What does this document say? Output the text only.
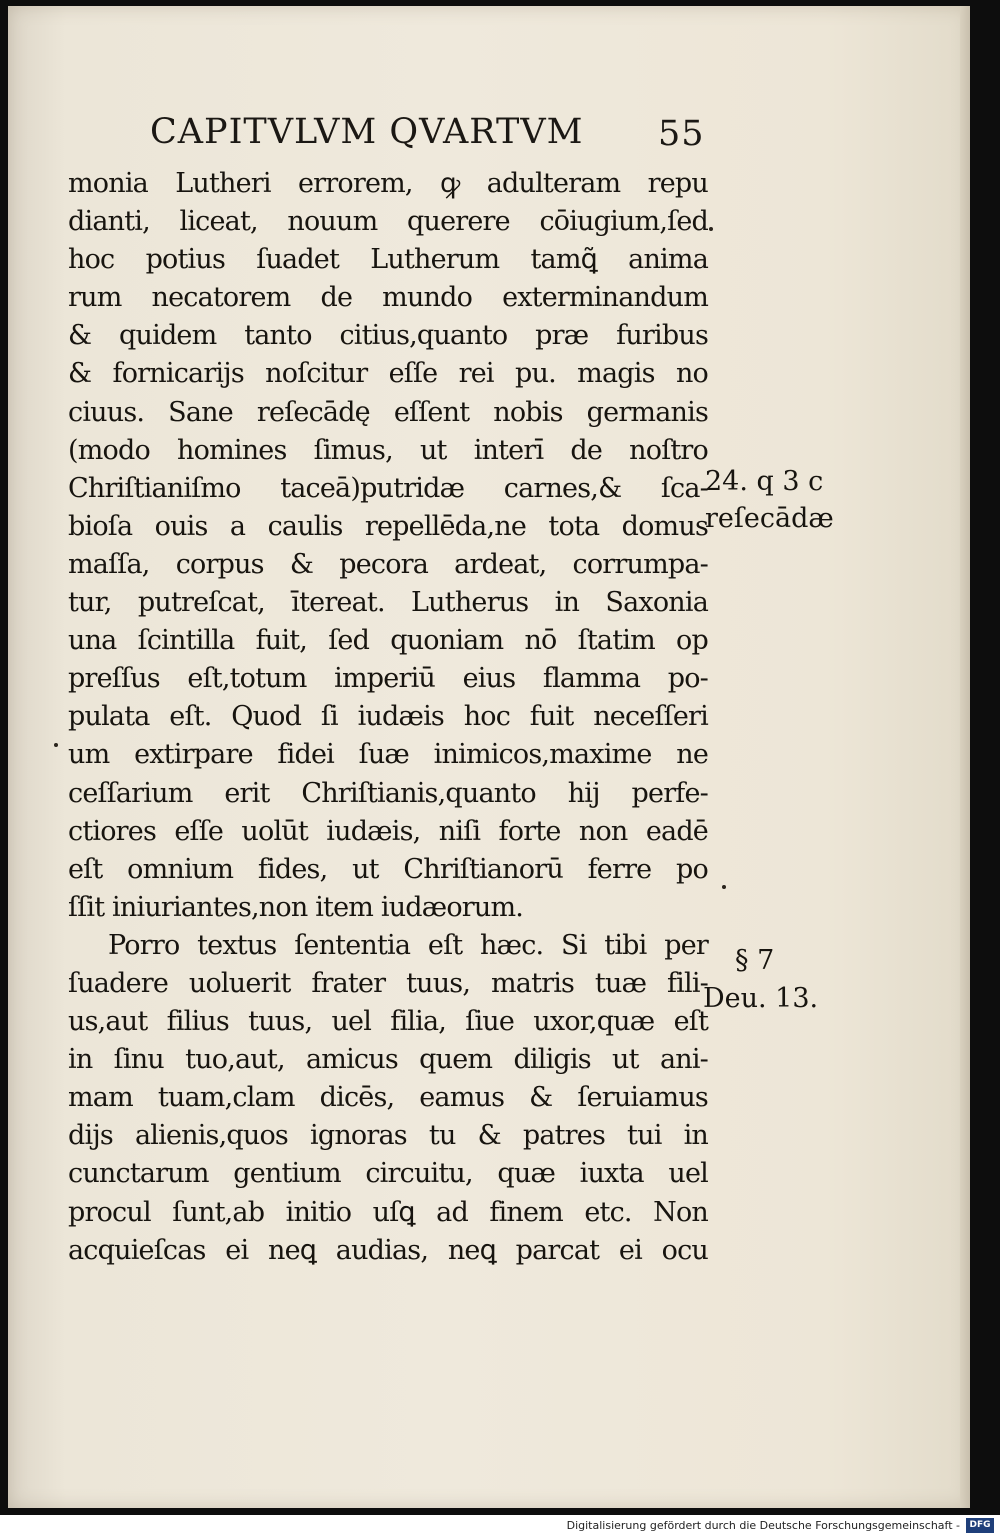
CAPITVLVM QVARTVM 55
monia Lutheri errorem, ꝙ adulteram repu
dianti, liceat, nouum querere cōiugium,ſed
hoc potius ſuadet Lutherum tamꝗ̃ anima
rum necatorem de mundo exterminandum
& quidem tanto citius,quanto præ furibus
& fornicarijs noſcitur eſſe rei pu. magis no
ciuus. Sane reſecādę eſſent nobis germanis
(modo homines ſimus, ut interī de noſtro
Chriſtianiſmo taceā)putridæ carnes,& ſca-
bioſa ouis a caulis repellēda,ne tota domus
maſſa, corpus & pecora ardeat, corrumpa-
tur, putreſcat, ītereat. Lutherus in Saxonia
una ſcintilla fuit, ſed quoniam nō ſtatim op
preſſus eſt,totum imperiū eius flamma po-
pulata eſt. Quod ſi iudæis hoc fuit neceſſeri
um extirpare fidei ſuæ inimicos,maxime ne
ceſſarium erit Chriſtianis,quanto hij perfe-
ctiores eſſe uolūt iudæis, niſi forte non eadē
eſt omnium fides, ut Chriſtianorū ferre po
ſſit iniuriantes,non item iudæorum.
Porro textus ſententia eſt hæc. Si tibi per
ſuadere uoluerit frater tuus, matris tuæ fili-
us,aut filius tuus, uel filia, ſiue uxor,quæ eſt
in ſinu tuo,aut, amicus quem diligis ut ani-
mam tuam,clam dicēs, eamus & ſeruiamus
dijs alienis,quos ignoras tu & patres tui in
cunctarum gentium circuitu, quæ iuxta uel
procul ſunt,ab initio uſꝗ ad finem etc. Non
acquieſcas ei neꝗ audias, neꝗ parcat ei ocu
24. q 3 c
reſecādæ
§ 7
Deu. 13.
Digitalisierung gefördert durch die Deutsche Forschungsgemeinschaft -	DFG
